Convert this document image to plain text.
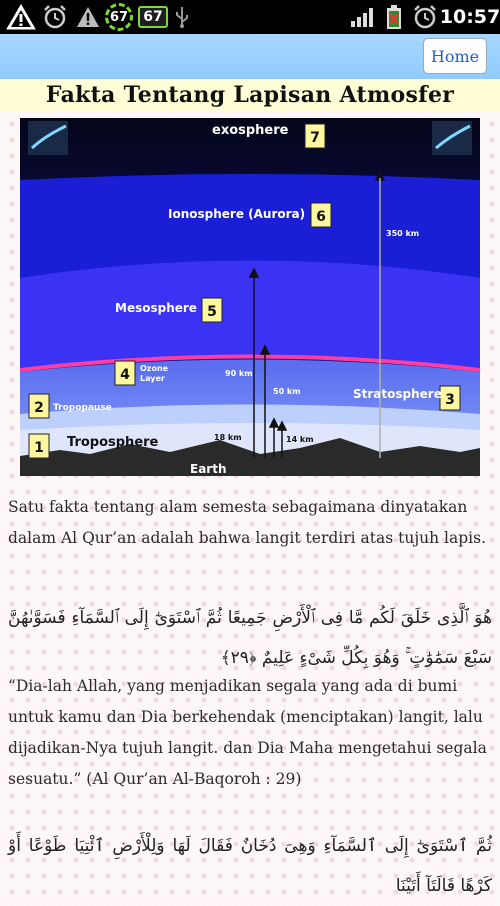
67	67	10:57
Home
Fakta Tentang Lapisan Atmosfer
7
6
5
4
3
2
1
exosphere
Ionosphere (Aurora)
Mesosphere
Ozone
Layer
Stratosphere
Tropopause
Troposphere
Earth
350 km
90 km
50 km
18 km	14 km

Satu fakta tentang alam semesta sebagaimana dinyatakan dalam Al Qur’an adalah bahwa langit terdiri atas tujuh lapis.

هُوَ ٱلَّذِى خَلَقَ لَكُم مَّا فِى ٱلْأَرْضِ جَمِيعًا ثُمَّ ٱسْتَوَىٰٓ إِلَى ٱلسَّمَآءِ فَسَوَّىٰهُنَّ سَبْعَ سَمَٰوَٰتٍ ۚ وَهُوَ بِكُلِّ شَىْءٍ عَلِيمٌ ﴿٢٩﴾

“Dia-lah Allah, yang menjadikan segala yang ada di bumi untuk kamu dan Dia berkehendak (menciptakan) langit, lalu dijadikan-Nya tujuh langit. dan Dia Maha mengetahui segala sesuatu.” (Al Qur’an Al-Baqoroh : 29)

ثُمَّ ٱسْتَوَىٰٓ إِلَى ٱلسَّمَآءِ وَهِىَ دُخَانٌ فَقَالَ لَهَا وَلِلْأَرْضِ ٱئْتِيَا طَوْعًا أَوْ كَرْهًا قَالَتَآ أَتَيْنَا
